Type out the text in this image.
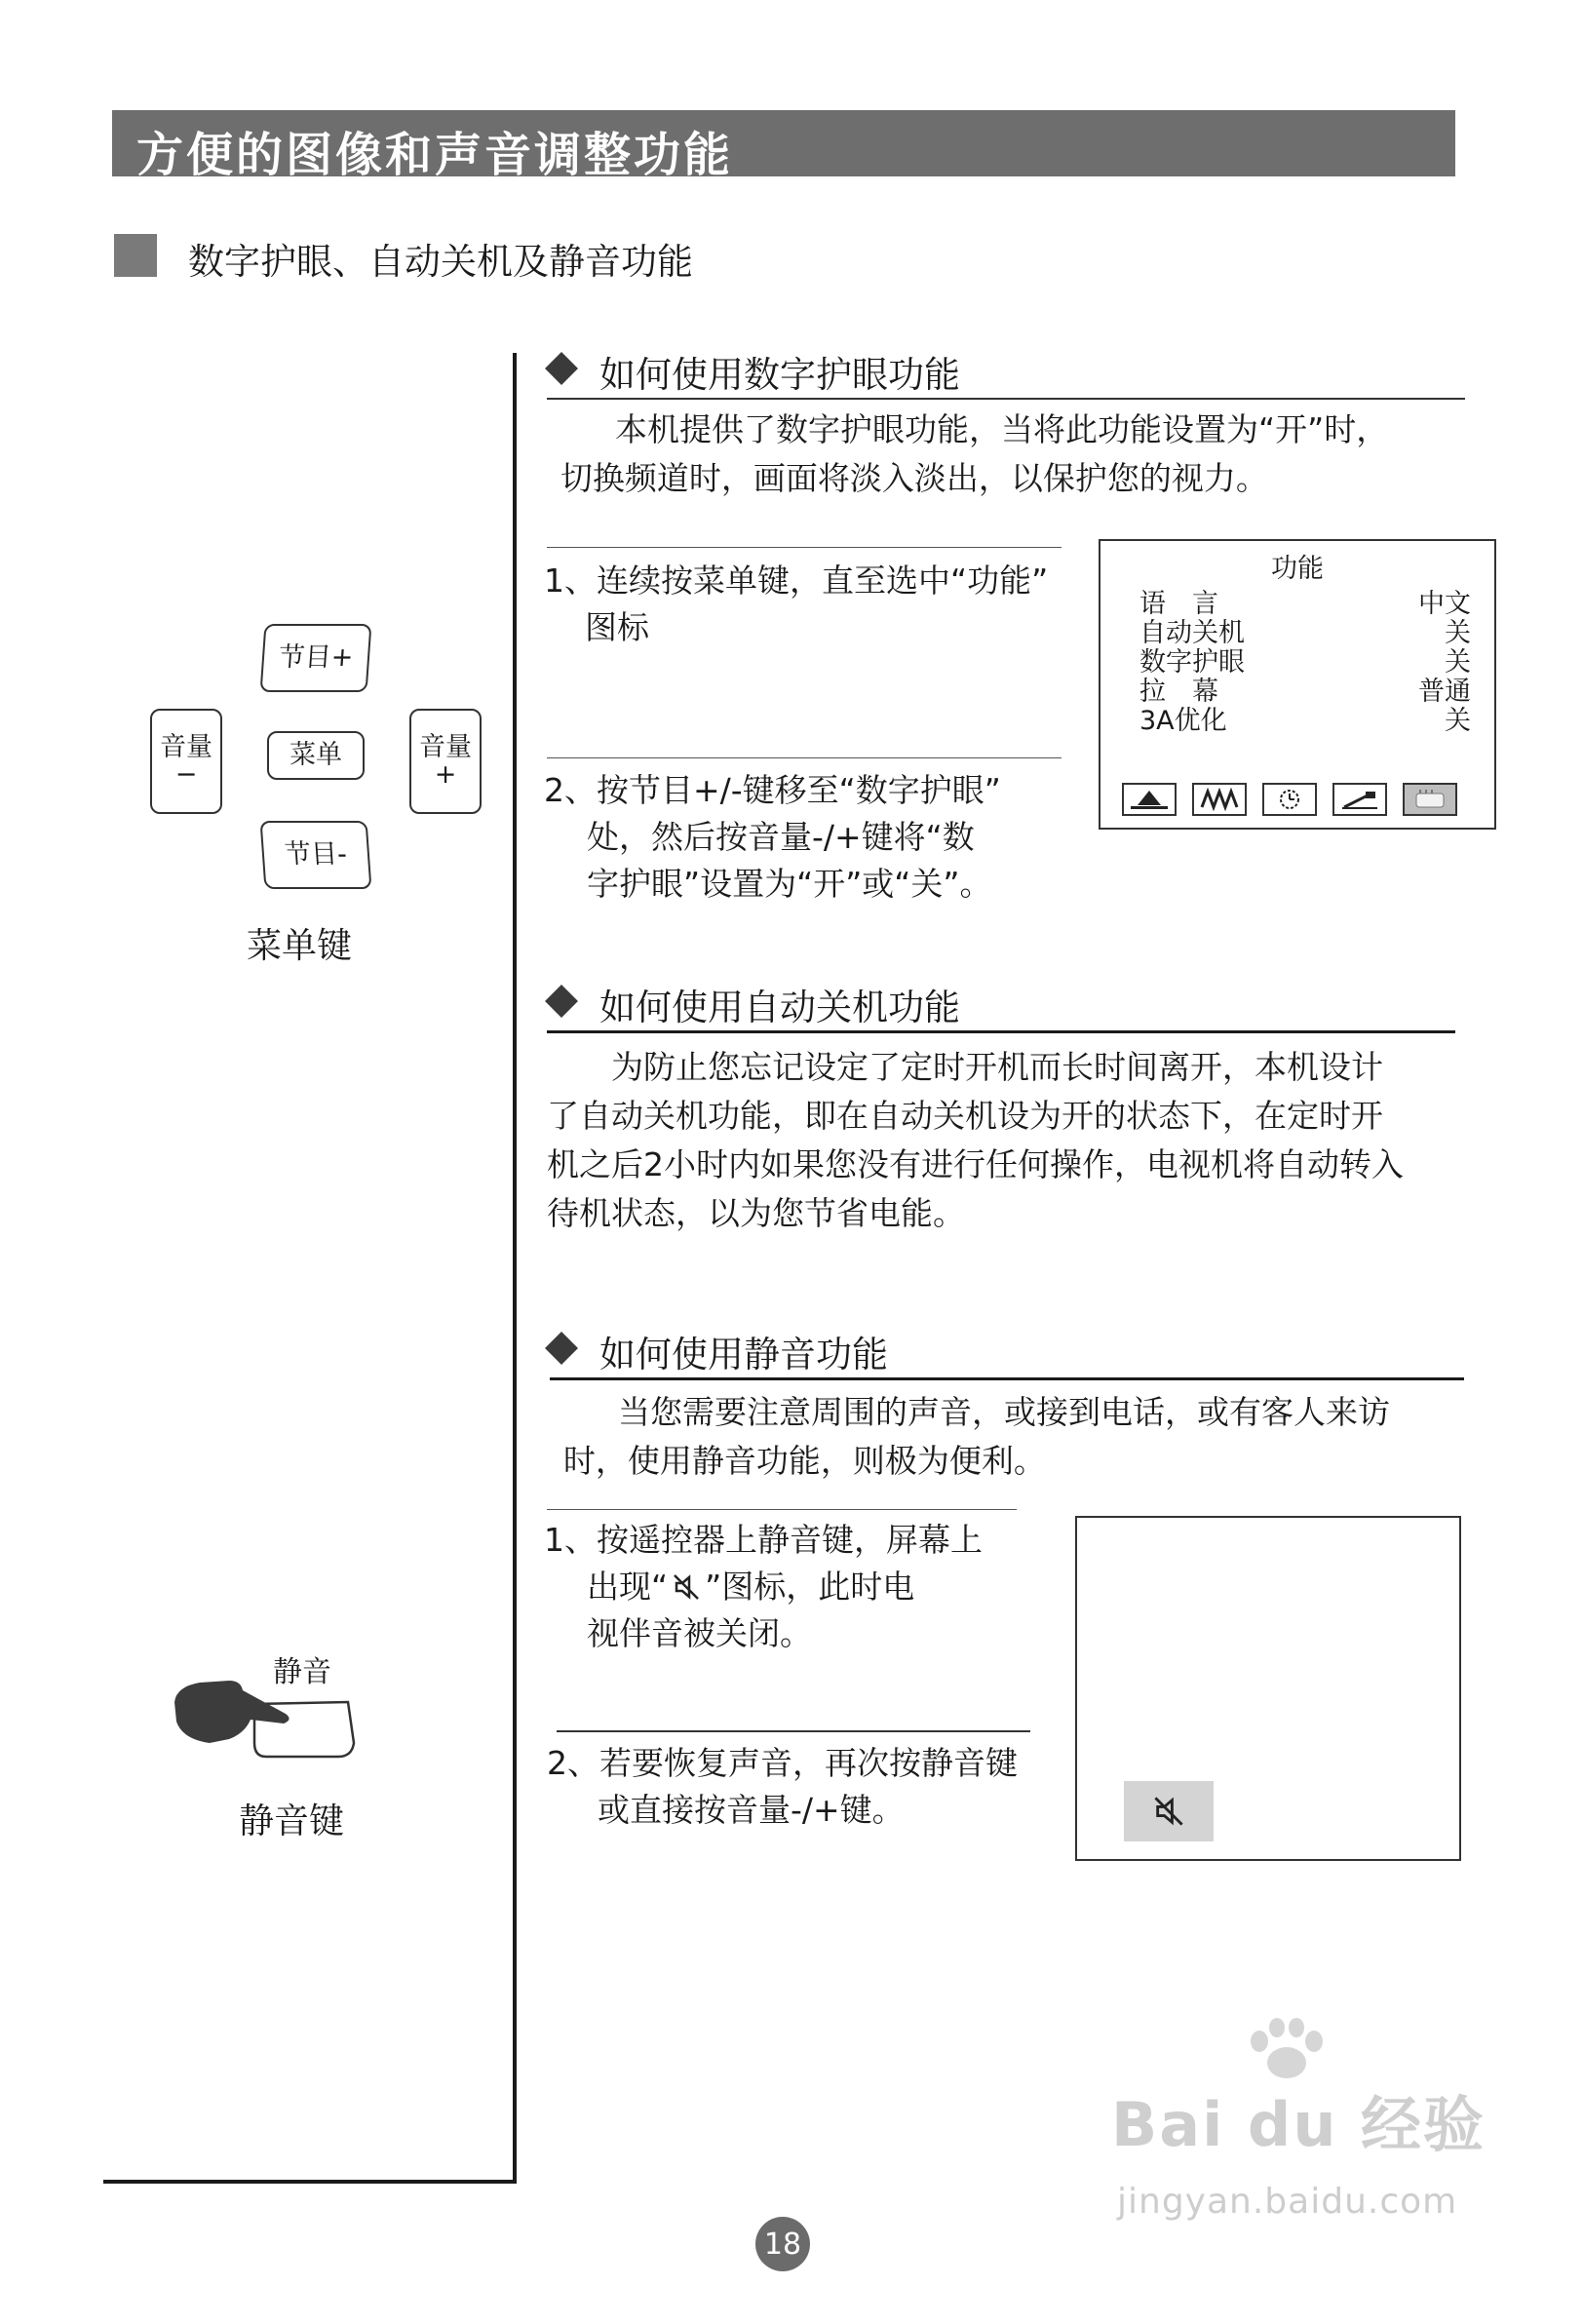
方便的图像和声音调整功能
数字护眼、自动关机及静音功能
如何使用数字护眼功能
本机提供了数字护眼功能，当将此功能设置为“开”时，
切换频道时，画面将淡入淡出，以保护您的视力。
1、连续按菜单键，直至选中“功能”
图标
2、按节目+/-键移至“数字护眼”
处，然后按音量-/+键将“数
字护眼”设置为“开”或“关”。
节目+
菜单
节目-
音量
−
音量
+
菜单键
功能
语　言	中文
自动关机	关
数字护眼	关
拉　幕	普通
3A优化	关
如何使用自动关机功能
为防止您忘记设定了定时开机而长时间离开，本机设计
了自动关机功能，即在自动关机设为开的状态下，在定时开
机之后2小时内如果您没有进行任何操作，电视机将自动转入
待机状态，以为您节省电能。
如何使用静音功能
当您需要注意周围的声音，或接到电话，或有客人来访
时，使用静音功能，则极为便利。
1、按遥控器上静音键，屏幕上
出现“ ”图标，此时电
视伴音被关闭。
2、若要恢复声音，再次按静音键
或直接按音量-/+键。
静音
静音键
18
Bai du 经验
jingyan.baidu.com
